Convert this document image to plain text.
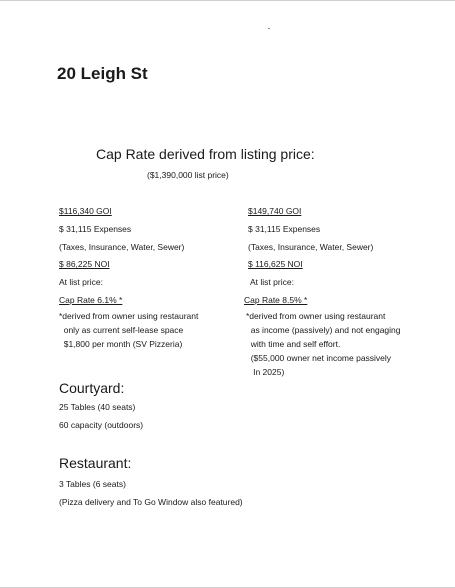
20 Leigh St
Cap Rate derived from listing price:
($1,390,000 list price)
$116,340 GOI
$ 31,115 Expenses
(Taxes, Insurance, Water, Sewer)
$ 86,225 NOI
At list price:
Cap Rate 6.1% *
*derived from owner using restaurant
only as current self-lease space
$1,800 per month (SV Pizzeria)
$149,740 GOI
$ 31,115 Expenses
(Taxes, Insurance, Water, Sewer)
$ 116,625 NOI
At list price:
Cap Rate 8.5% *
*derived from owner using restaurant
as income (passively) and not engaging
with time and self effort.
($55,000 owner net income passively
In 2025)
Courtyard:
25 Tables (40 seats)
60 capacity (outdoors)
Restaurant:
3 Tables (6 seats)
(Pizza delivery and To Go Window also featured)
